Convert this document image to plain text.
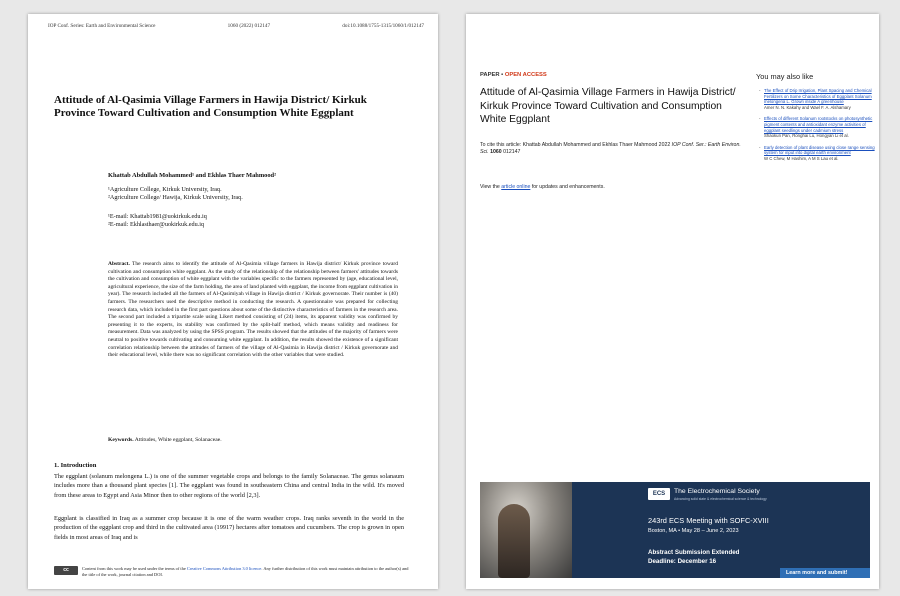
IOP Conf. Series: Earth and Environmental Science	1060 (2022) 012147	doi:10.1088/1755-1315/1060/1/012147
Attitude of Al-Qasimia Village Farmers in Hawija District/ Kirkuk Province Toward Cultivation and Consumption White Eggplant
Khattab Abdullah Mohammed¹ and Ekhlas Thaer Mahmood²
¹Agriculture College, Kirkuk University, Iraq.
²Agriculture College/ Hawija, Kirkuk University, Iraq.
¹E-mail: Khattab1981@uokirkuk.edu.iq
²E-mail: Ekhlasthaer@uokirkuk.edu.iq
Abstract. The research aims to identify the attitude of Al-Qasimia village farmers in Hawija district/ Kirkuk province toward cultivation and consumption white eggplant. As the study of the relationship of the relationship between farmers' attitudes towards the cultivation and consumption of white eggplant with the variables specific to the farmers represented by (age, educational level, agricultural experience, the size of the farm holding, the area of land planted with eggplant, the income from eggplant cultivation in year). The research included all the farmers of Al-Qasimiyah village in Hawija district / Kirkuk governorate. Their number is (40) farmers. The researchers used the descriptive method in conducting the research. A questionnaire was prepared for collecting research data, which included in the first part questions about some of the distinctive characteristics of farmers in the research area. The second part included a tripartite scale using Likert method consisting of (24) items, its apparent validity was confirmed by presenting it to the experts, its stability was confirmed by the split-half method, which means validity and readiness for measurement. Data was analyzed by using the SPSS program. The results showed that the attitudes of the majority of farmers were neutral to positive towards cultivating and consuming white eggplant. In addition, the results showed the existence of a significant correlation relationship between the attitudes of farmers of the village of Al-Qasimia in Hawija district / Kirkuk governorate and their educational level, while there was no significant correlation with the other variables that were studied.
Keywords. Attitudes, White eggplant, Solanaceae.
1. Introduction
The eggplant (solanum melongena L.) is one of the summer vegetable crops and belongs to the family Solanaceae. The genus solanaum includes more than a thousand plant species [1]. The eggplant was found in southeastern China and central India in the wild. It's moved from these areas to Egypt and Asia Minor then to other regions of the world [2,3].
Eggplant is classified in Iraq as a summer crop because it is one of the warm weather crops. Iraq ranks seventh in the world in the production of the eggplant crop and third in the cultivated area (19917) hectares after tomatoes and cucumbers. The crop is grown in open fields in most areas of Iraq and is
cc	Content from this work may be used under the terms of the Creative Commons Attribution 3.0 licence. Any further distribution of this work must maintain attribution to the author(s) and the title of the work, journal citation and DOI.
PAPER • OPEN ACCESS
Attitude of Al-Qasimia Village Farmers in Hawija District/ Kirkuk Province Toward Cultivation and Consumption White Eggplant
To cite this article: Khattab Abdullah Mohammed and Ekhlas Thaer Mahmood 2022 IOP Conf. Ser.: Earth Environ. Sci. 1060 012147
View the article online for updates and enhancements.
You may also like
- The Effect of Drip Irrigation, Plant Spacing and Chemical Fertilizers on Some Characteristics of Eggplant Solanum melongena L. Grown inside A greenhouse
Amer N. N. Kakahy and Wael F. A. Alshamary
- Effects of different Solanum rootstocks on photosynthetic pigment contents and antioxidant enzyme activities of eggplant seedlings under cadmium stress
Shaokun Pan, Ronghai Lu, Hongyan Li et al.
- Early detection of plant disease using close range sensing system for input into digital earth environment
W C Chew, M Hashim, A M S Lau et al.
ECS	The Electrochemical Society
Advancing solid state & electrochemical science & technology
243rd ECS Meeting with SOFC-XVIII
Boston, MA • May 28 – June 2, 2023
Abstract Submission Extended
Deadline: December 16
Learn more and submit!
